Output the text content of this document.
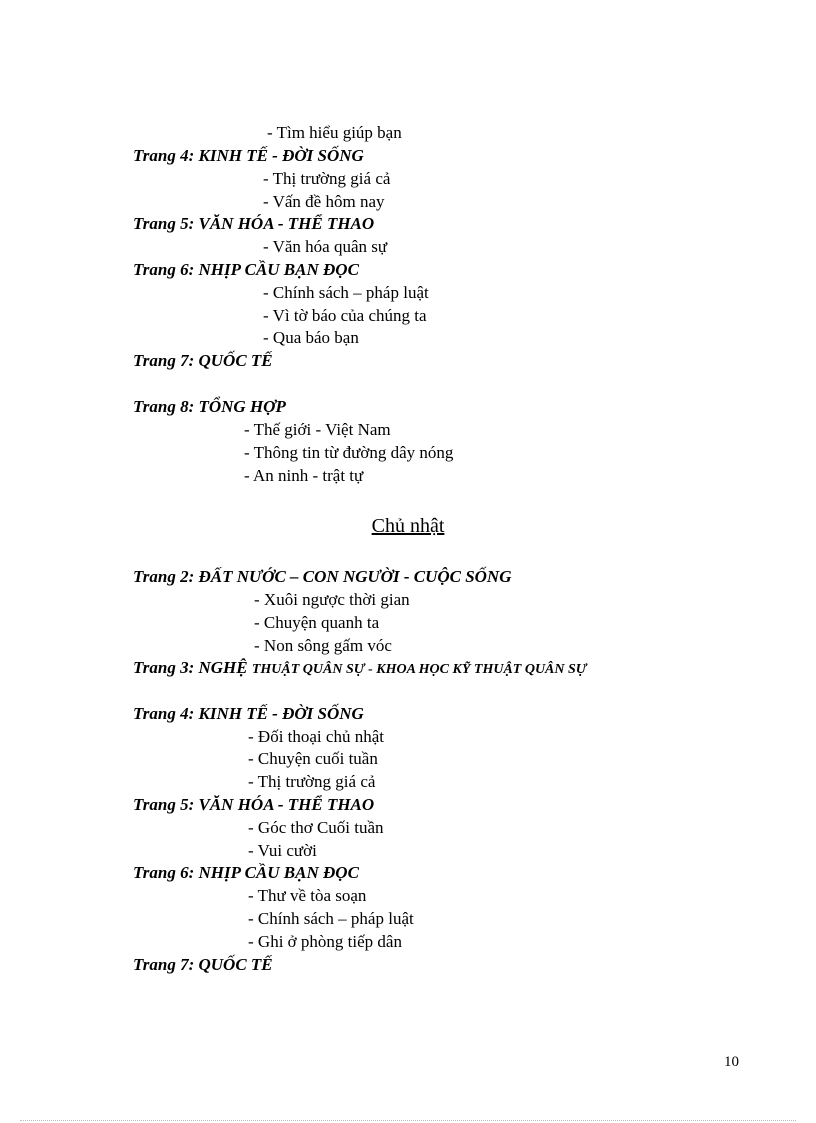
- Tìm hiểu giúp bạn
Trang 4: KINH TẾ - ĐỜI SỐNG
- Thị trường giá cả
- Vấn đề hôm nay
Trang 5: VĂN HÓA - THỂ THAO
- Văn hóa quân sự
Trang 6: NHỊP CẦU BẠN ĐỌC
- Chính sách – pháp luật
- Vì tờ báo của chúng ta
- Qua báo bạn
Trang 7: QUỐC TẾ
Trang 8: TỔNG HỢP
- Thế giới - Việt Nam
- Thông tin từ đường dây nóng
- An ninh - trật tự
Chủ nhật
Trang 2: ĐẤT NƯỚC – CON NGƯỜI - CUỘC SỐNG
- Xuôi ngược thời gian
- Chuyện quanh ta
- Non sông gấm vóc
Trang 3: NGHỆ THUẬT QUÂN SỰ - KHOA HỌC KỸ THUẬT QUÂN SỰ
Trang 4: KINH TẾ - ĐỜI SỐNG
- Đối thoại chủ nhật
- Chuyện cuối tuần
- Thị trường giá cả
Trang 5: VĂN HÓA - THỂ THAO
- Góc thơ Cuối tuần
- Vui cười
Trang 6: NHỊP CẦU BẠN ĐỌC
- Thư về tòa soạn
- Chính sách – pháp luật
- Ghi ở phòng tiếp dân
Trang 7: QUỐC TẾ
10
